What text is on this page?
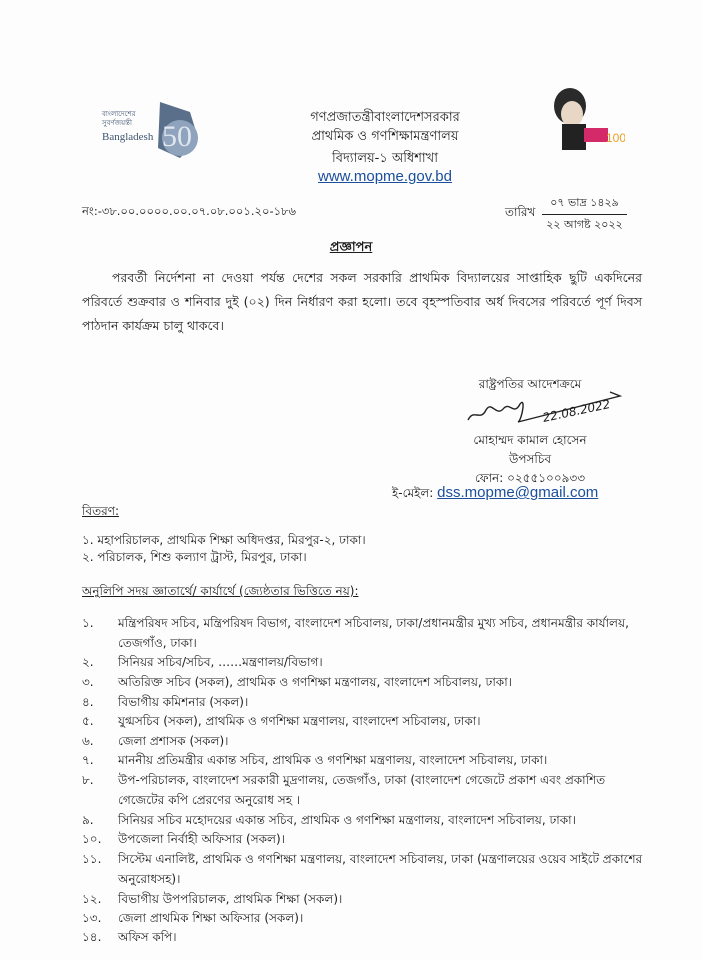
50
বাংলাদেশের
সুবর্ণজয়ন্তী
Bangladesh	100
গণপ্রজাতন্ত্রীবাংলাদেশসরকার
প্রাথমিক ও গণশিক্ষামন্ত্রণালয়
বিদ্যালয়-১ অধিশাখা
www.mopme.gov.bd
নং:-৩৮.০০.০০০০.০০.০৭.০৮.০০১.২০-১৮৬	তারিখ
০৭ ভাদ্র ১৪২৯
২২ আগষ্ট ২০২২
প্রজ্ঞাপন
পরবর্তী নির্দেশনা না দেওয়া পর্যন্ত দেশের সকল সরকারি প্রাথমিক বিদ্যালয়ের সাপ্তাহিক ছুটি একদিনের পরিবর্তে শুক্রবার ও শনিবার দুই (০২) দিন নির্ধারণ করা হলো। তবে বৃহস্পতিবার অর্ধ দিবসের পরিবর্তে পূর্ণ দিবস পাঠদান কার্যক্রম চালু থাকবে।
রাষ্ট্রপতির আদেশক্রমে
22.08.2022
মোহাম্মদ কামাল হোসেন
উপসচিব
ফোন: ০২৫৫১০০৯৩৩
ই-মেইল: dss.mopme@gmail.com
বিতরণ:
১. মহাপরিচালক, প্রাথমিক শিক্ষা অধিদপ্তর, মিরপুর-২, ঢাকা।
২. পরিচালক, শিশু কল্যাণ ট্রাস্ট, মিরপুর, ঢাকা।
অনুলিপি সদয় জ্ঞাতার্থে/ কার্যার্থে (জ্যেষ্ঠতার ভিত্তিতে নয়):
১.	মন্ত্রিপরিষদ সচিব, মন্ত্রিপরিষদ বিভাগ, বাংলাদেশ সচিবালয়, ঢাকা/প্রধানমন্ত্রীর মুখ্য সচিব, প্রধানমন্ত্রীর কার্যালয়, তেজগাঁও, ঢাকা।
২.	সিনিয়র সচিব/সচিব, ……মন্ত্রণালয়/বিভাগ।
৩.	অতিরিক্ত সচিব (সকল), প্রাথমিক ও গণশিক্ষা মন্ত্রণালয়, বাংলাদেশ সচিবালয়, ঢাকা।
৪.	বিভাগীয় কমিশনার (সকল)।
৫.	যুগ্মসচিব (সকল), প্রাথমিক ও গণশিক্ষা মন্ত্রণালয়, বাংলাদেশ সচিবালয়, ঢাকা।
৬.	জেলা প্রশাসক (সকল)।
৭.	মাননীয় প্রতিমন্ত্রীর একান্ত সচিব, প্রাথমিক ও গণশিক্ষা মন্ত্রণালয়, বাংলাদেশ সচিবালয়, ঢাকা।
৮.	উপ-পরিচালক, বাংলাদেশ সরকারী মুদ্রণালয়, তেজগাঁও, ঢাকা (বাংলাদেশ গেজেটে প্রকাশ এবং প্রকাশিত গেজেটের কপি প্রেরণের অনুরোধ সহ ।
৯.	সিনিয়র সচিব মহোদয়ের একান্ত সচিব, প্রাথমিক ও গণশিক্ষা মন্ত্রণালয়, বাংলাদেশ সচিবালয়, ঢাকা।
১০.	উপজেলা নির্বাহী অফিসার (সকল)।
১১.	সিস্টেম এনালিষ্ট, প্রাথমিক ও গণশিক্ষা মন্ত্রণালয়, বাংলাদেশ সচিবালয়, ঢাকা (মন্ত্রণালয়ের ওয়েব সাইটে প্রকাশের অনুরোধসহ)।
১২.	বিভাগীয় উপপরিচালক, প্রাথমিক শিক্ষা (সকল)।
১৩.	জেলা প্রাথমিক শিক্ষা অফিসার (সকল)।
১৪.	অফিস কপি।
